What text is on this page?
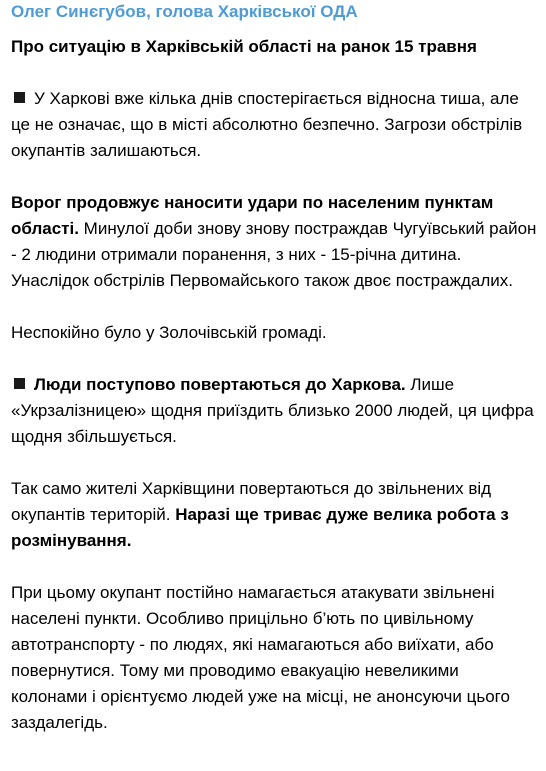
Олег Синєгубов, голова Харківської ОДА
Про ситуацію в Харківській області на ранок 15 травня

У Харкові вже кілька днів спостерігається відносна тиша, але це не означає, що в місті абсолютно безпечно. Загрози обстрілів окупантів залишаються.

Ворог продовжує наносити удари по населеним пунктам області. Минулої доби знову знову постраждав Чугуївський район - 2 людини отримали поранення, з них - 15-річна дитина. Унаслідок обстрілів Первомайського також двоє постраждалих.

Неспокійно було у Золочівській громаді.

Люди поступово повертаються до Харкова. Лише «Укрзалізницею» щодня приїздить близько 2000 людей, ця цифра щодня збільшується.

Так само жителі Харківщини повертаються до звільнених від окупантів територій. Наразі ще триває дуже велика робота з розмінування.

При цьому окупант постійно намагається атакувати звільнені населені пункти. Особливо прицільно б’ють по цивільному автотранспорту - по людях, які намагаються або виїхати, або повернутися. Тому ми проводимо евакуацію невеликими колонами і орієнтуємо людей уже на місці, не анонсуючи цього заздалегідь.
